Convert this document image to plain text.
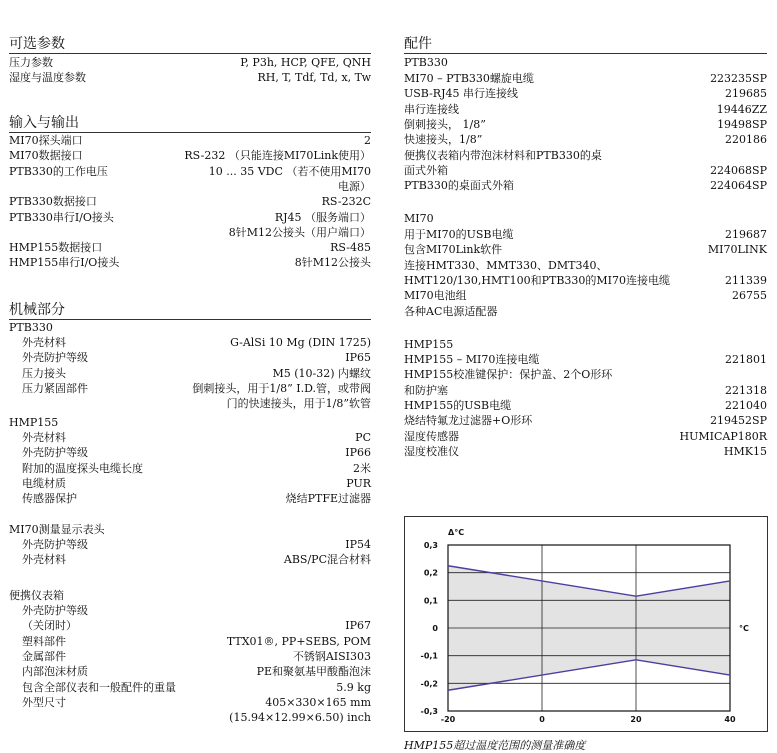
可选参数
压力参数	P, P3h, HCP, QFE, QNH
湿度与温度参数	RH, T, Tdf, Td, x, Tw
输入与输出
MI70探头端口	2
MI70数据接口	RS-232 （只能连接MI70Link使用）
PTB330的工作电压	10 ... 35 VDC （若不使用MI70
电源）
PTB330数据接口	RS-232C
PTB330串行I/O接头	RJ45 （服务端口）
8针M12公接头（用户端口）
HMP155数据接口	RS-485
HMP155串行I/O接头	8针M12公接头
机械部分
PTB330
外壳材料	G-AlSi 10 Mg (DIN 1725)
外壳防护等级	IP65
压力接头	M5 (10-32) 内螺纹
压力紧固部件	倒刺接头，用于1/8” I.D.管，或带阀
门的快速接头，用于1/8”软管
HMP155
外壳材料	PC
外壳防护等级	IP66
附加的温度探头电缆长度	2米
电缆材质	PUR
传感器保护	烧结PTFE过滤器
MI70测量显示表头
外壳防护等级	IP54
外壳材料	ABS/PC混合材料
便携仪表箱
外壳防护等级
（关闭时）	IP67
塑料部件	TTX01®, PP+SEBS, POM
金属部件	不锈钢AISI303
内部泡沫材质	PE和聚氨基甲酸酯泡沫
包含全部仪表和一般配件的重量	5.9 kg
外型尺寸	405×330×165 mm
(15.94×12.99×6.50) inch
配件
PTB330
MI70 – PTB330螺旋电缆	223235SP
USB-RJ45 串行连接线	219685
串行连接线	19446ZZ
倒刺接头， 1/8”	19498SP
快速接头，1/8”	220186
便携仪表箱内带泡沫材料和PTB330的桌
面式外箱	224068SP
PTB330的桌面式外箱	224064SP
MI70
用于MI70的USB电缆	219687
包含MI70Link软件	MI70LINK
连接HMT330、MMT330、DMT340、
HMT120/130,HMT100和PTB330的MI70连接电缆	211339
MI70电池组	26755
各种AC电源适配器
HMP155
HMP155 – MI70连接电缆	221801
HMP155校准键保护：保护盖、2个O形环
和防护塞	221318
HMP155的USB电缆	221040
烧结特氟龙过滤器+O形环	219452SP
湿度传感器	HUMICAP180R
湿度校准仪	HMK15
-20	0	20	40
0,3
0,2
0,1
0
-0,1
-0,2
-0,3
Δ°C
°C
HMP155超过温度范围的测量准确度
